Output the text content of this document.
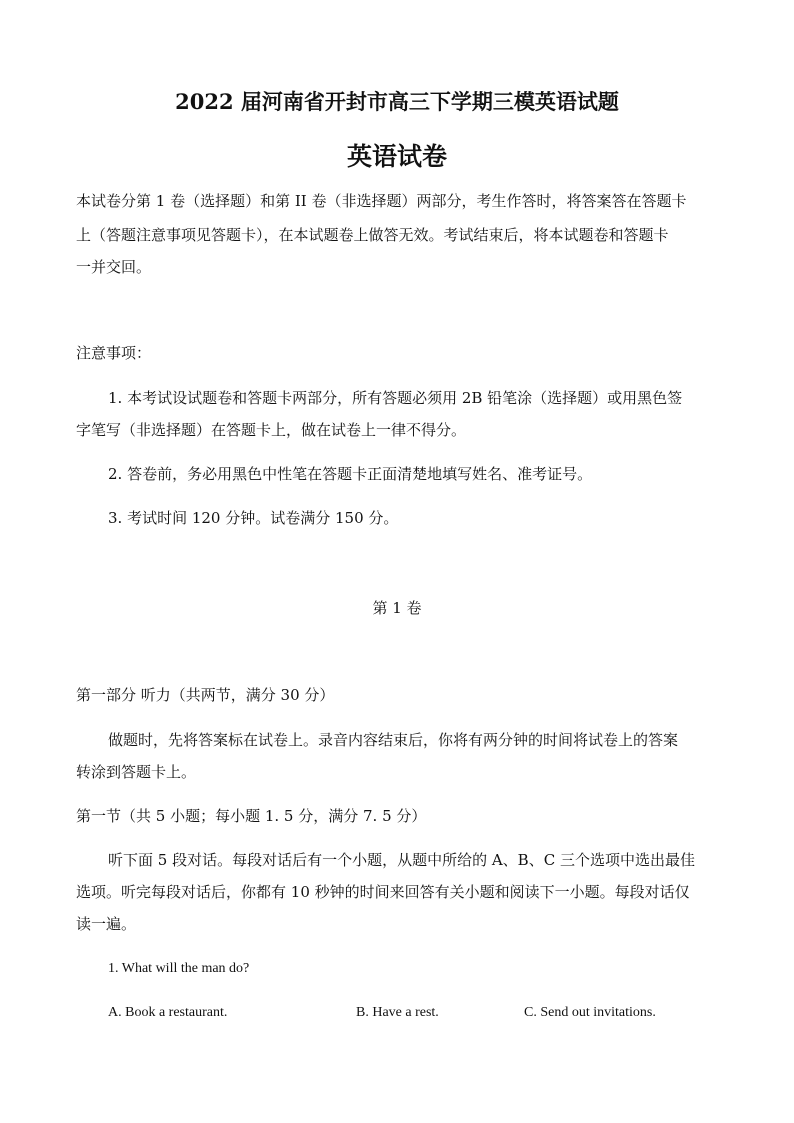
2022 届河南省开封市高三下学期三模英语试题
英语试卷
本试卷分第 1 卷（选择题）和第 II 卷（非选择题）两部分，考生作答时，将答案答在答题卡
上（答题注意事项见答题卡），在本试题卷上做答无效。考试结束后，将本试题卷和答题卡
一并交回。
注意事项：
1. 本考试设试题卷和答题卡两部分，所有答题必须用 2B 铅笔涂（选择题）或用黑色签
字笔写（非选择题）在答题卡上，做在试卷上一律不得分。
2. 答卷前，务必用黑色中性笔在答题卡正面清楚地填写姓名、准考证号。
3. 考试时间 120 分钟。试卷满分 150 分。
第 1 卷
第一部分 听力（共两节，满分 30 分）
做题时，先将答案标在试卷上。录音内容结束后，你将有两分钟的时间将试卷上的答案
转涂到答题卡上。
第一节（共 5 小题；每小题 1. 5 分，满分 7. 5 分）
听下面 5 段对话。每段对话后有一个小题，从题中所给的 A、B、C 三个选项中选出最佳
选项。听完每段对话后，你都有 10 秒钟的时间来回答有关小题和阅读下一小题。每段对话仅
读一遍。
1. What will the man do?
A. Book a restaurant.	B. Have a rest.	C. Send out invitations.
